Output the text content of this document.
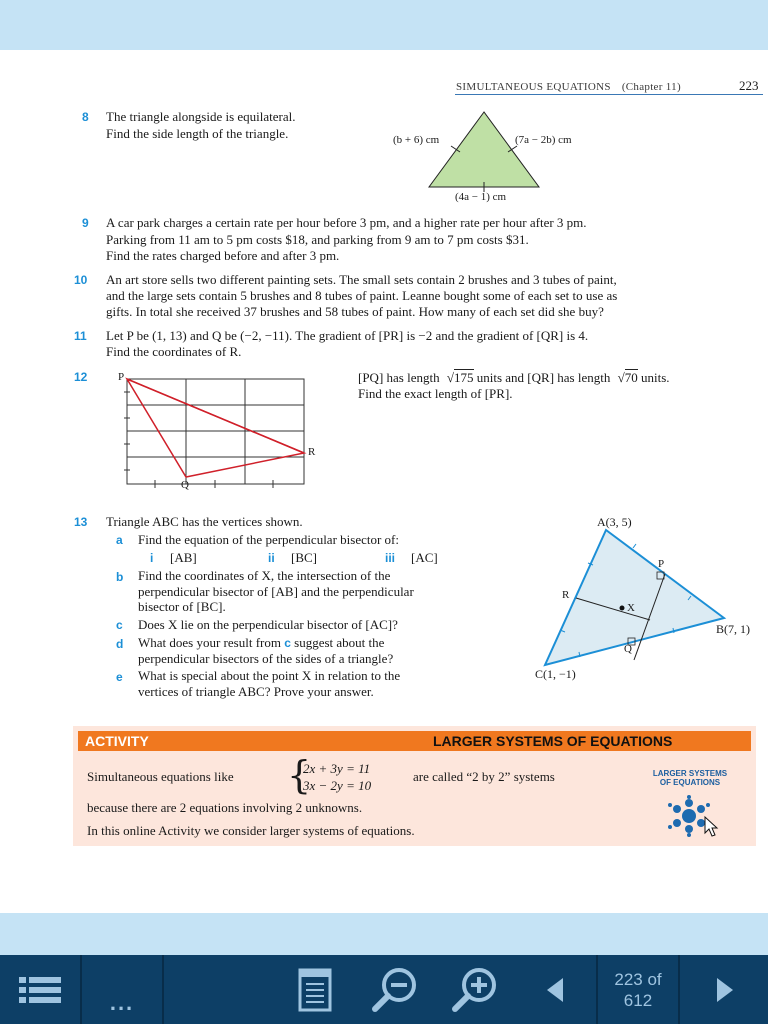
SIMULTANEOUS EQUATIONS (Chapter 11)	223
8 The triangle alongside is equilateral.
Find the side length of the triangle.	(b + 6) cm	(7a − 2b) cm
(4a − 1) cm
9 A car park charges a certain rate per hour before 3 pm, and a higher rate per hour after 3 pm.
Parking from 11 am to 5 pm costs $18, and parking from 9 am to 7 pm costs $31.
Find the rates charged before and after 3 pm.
10 An art store sells two different painting sets. The small sets contain 2 brushes and 3 tubes of paint,
and the large sets contain 5 brushes and 8 tubes of paint. Leanne bought some of each set to use as
gifts. In total she received 37 brushes and 58 tubes of paint. How many of each set did she buy?
11 Let P be (1, 13) and Q be (−2, −11). The gradient of [PR] is −2 and the gradient of [QR] is 4.
Find the coordinates of R.
12	P
Q
R
[PQ] has length √175 units and [QR] has length √70 units.
Find the exact length of [PR].
13 Triangle ABC has the vertices shown.
a Find the equation of the perpendicular bisector of:
i [AB]	ii [BC]	iii [AC]
b Find the coordinates of X, the intersection of the
perpendicular bisector of [AB] and the perpendicular
bisector of [BC].
c Does X lie on the perpendicular bisector of [AC]?
d What does your result from c suggest about the
perpendicular bisectors of the sides of a triangle?
e What is special about the point X in relation to the
vertices of triangle ABC? Prove your answer.
A(3, 5)
B(7, 1)
C(1, −1)
P
Q
R
X
ACTIVITY	LARGER SYSTEMS OF EQUATIONS
Simultaneous equations like {
2x + 3y = 11
3x − 2y = 10
are called “2 by 2” systems
because there are 2 equations involving 2 unknowns.
In this online Activity we consider larger systems of equations.
LARGER SYSTEMS
OF EQUATIONS
...
223 of
612
